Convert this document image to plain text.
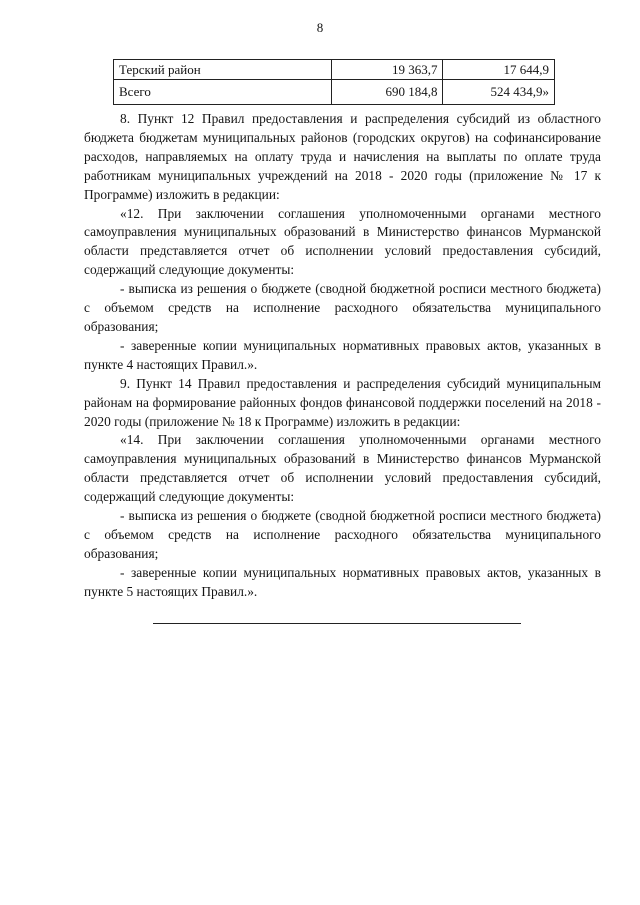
8
Терский район	19 363,7	17 644,9
Всего	690 184,8	524 434,9»

8. Пункт 12 Правил предоставления и распределения субсидий из областного бюджета бюджетам муниципальных районов (городских округов) на софинансирование расходов, направляемых на оплату труда и начисления на выплаты по оплате труда работникам муниципальных учреждений на 2018 - 2020 годы (приложение № 17 к Программе) изложить в редакции:

«12. При заключении соглашения уполномоченными органами местного самоуправления муниципальных образований в Министерство финансов Мурманской области представляется отчет об исполнении условий предоставления субсидий, содержащий следующие документы:

- выписка из решения о бюджете (сводной бюджетной росписи местного бюджета) с объемом средств на исполнение расходного обязательства муниципального образования;

- заверенные копии муниципальных нормативных правовых актов, указанных в пункте 4 настоящих Правил.».

9. Пункт 14 Правил предоставления и распределения субсидий муниципальным районам на формирование районных фондов финансовой поддержки поселений на 2018 - 2020 годы (приложение № 18 к Программе) изложить в редакции:

«14. При заключении соглашения уполномоченными органами местного самоуправления муниципальных образований в Министерство финансов Мурманской области представляется отчет об исполнении условий предоставления субсидий, содержащий следующие документы:

- выписка из решения о бюджете (сводной бюджетной росписи местного бюджета) с объемом средств на исполнение расходного обязательства муниципального образования;

- заверенные копии муниципальных нормативных правовых актов, указанных в пункте 5 настоящих Правил.».
